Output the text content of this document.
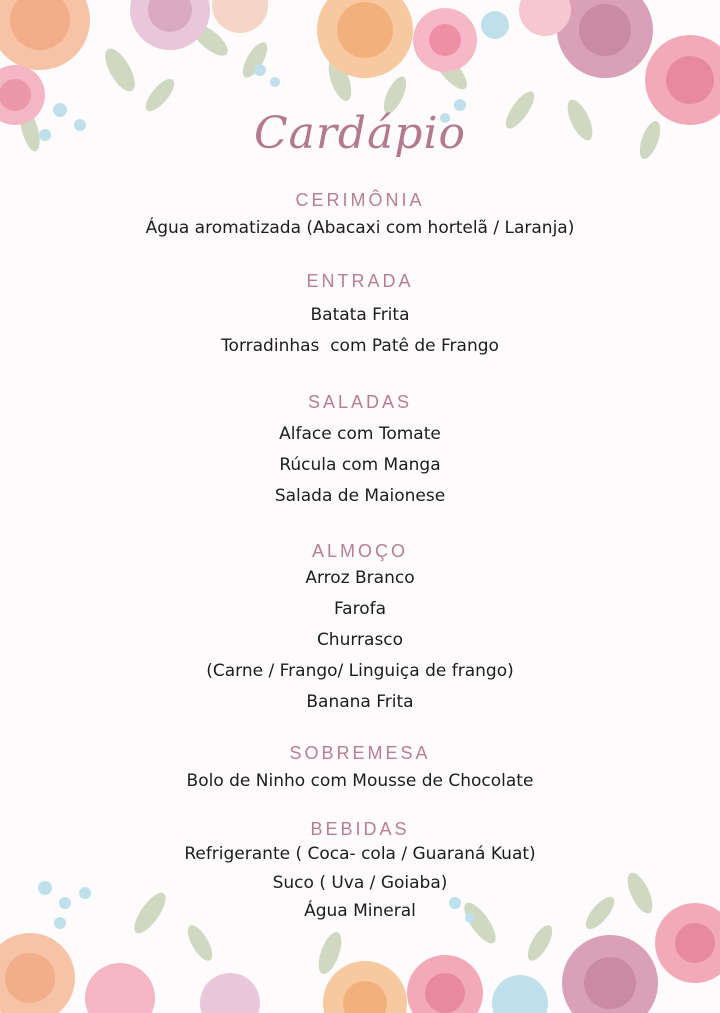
Cardápio
CERIMÔNIA
Água aromatizada (Abacaxi com hortelã / Laranja)
ENTRADA
Batata Frita
Torradinhas  com Patê de Frango
SALADAS
Alface com Tomate
Rúcula com Manga
Salada de Maionese
ALMOÇO
Arroz Branco
Farofa
Churrasco
(Carne / Frango/ Linguiça de frango)
Banana Frita
SOBREMESA
Bolo de Ninho com Mousse de Chocolate
BEBIDAS
Refrigerante ( Coca- cola / Guaraná Kuat)
Suco ( Uva / Goiaba)
Água Mineral
